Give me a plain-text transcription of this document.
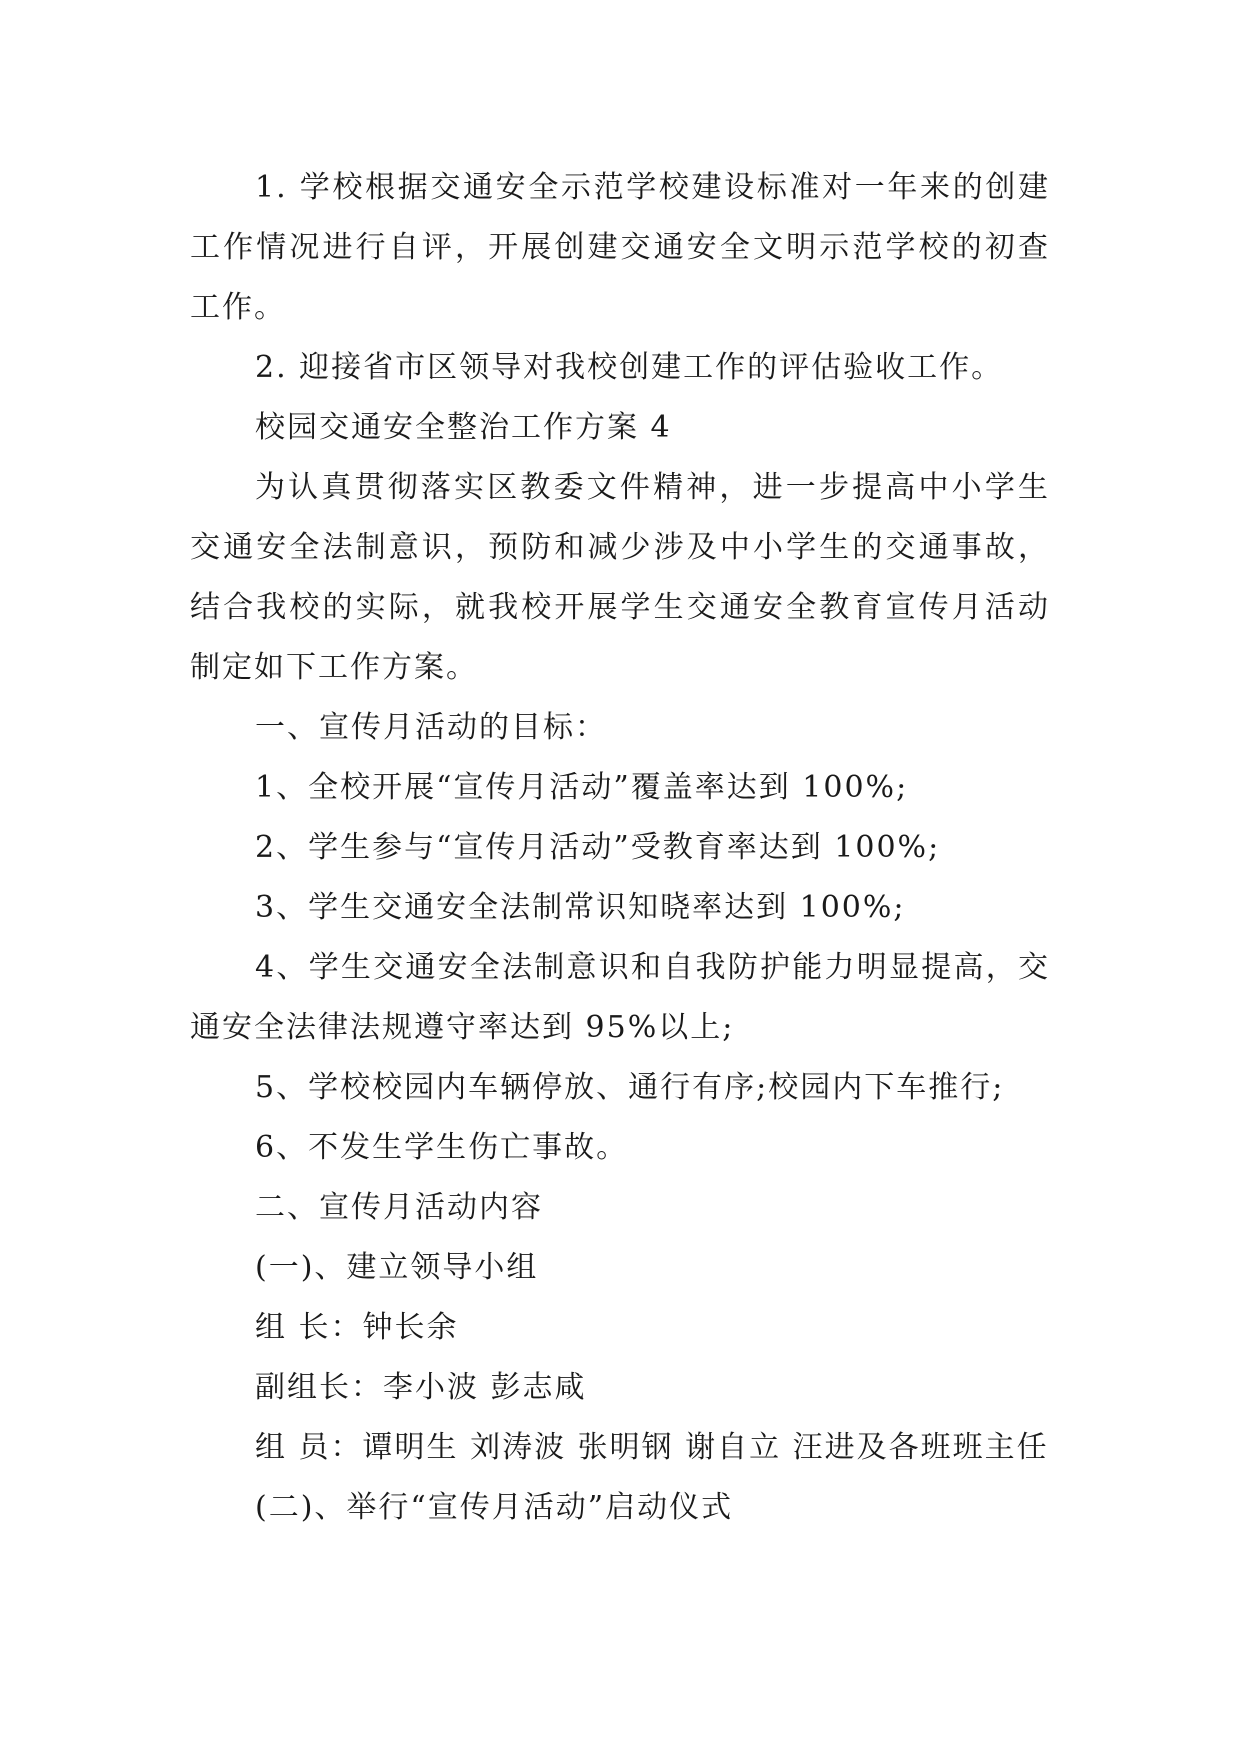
1. 学校根据交通安全示范学校建设标准对一年来的创建工作情况进行自评，开展创建交通安全文明示范学校的初查工作。

2. 迎接省市区领导对我校创建工作的评估验收工作。

校园交通安全整治工作方案 4

为认真贯彻落实区教委文件精神，进一步提高中小学生交通安全法制意识，预防和减少涉及中小学生的交通事故，结合我校的实际，就我校开展学生交通安全教育宣传月活动制定如下工作方案。

一、宣传月活动的目标：

1、全校开展“宣传月活动”覆盖率达到 100%;

2、学生参与“宣传月活动”受教育率达到 100%;

3、学生交通安全法制常识知晓率达到 100%;

4、学生交通安全法制意识和自我防护能力明显提高，交通安全法律法规遵守率达到 95%以上;

5、学校校园内车辆停放、通行有序;校园内下车推行;

6、不发生学生伤亡事故。

二、宣传月活动内容

(一)、建立领导小组

组 长：钟长余

副组长：李小波 彭志咸

组 员：谭明生 刘涛波 张明钢 谢自立 汪进及各班班主任

(二)、举行“宣传月活动”启动仪式
